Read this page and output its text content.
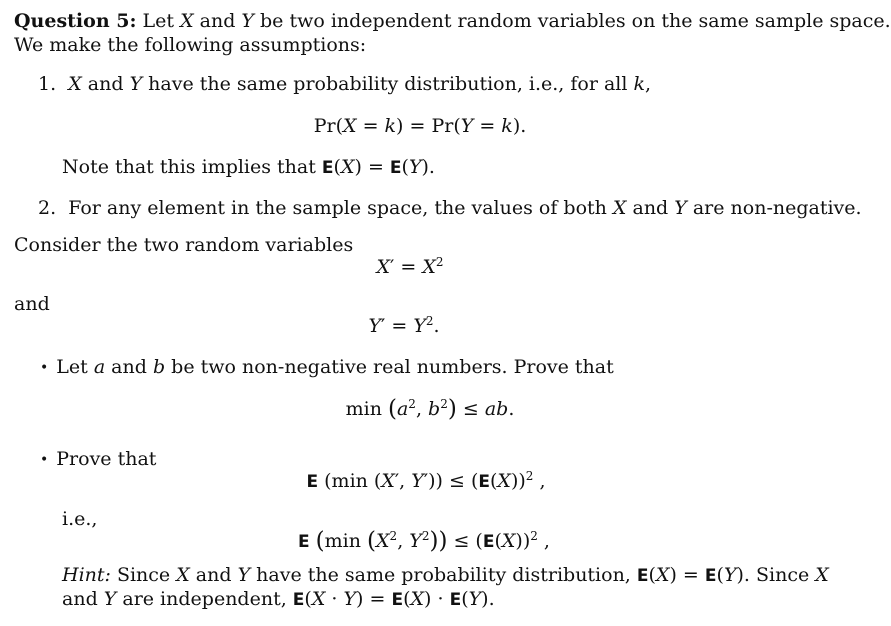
Question 5: Let X and Y be two independent random variables on the same sample space.
We make the following assumptions:
1. X and Y have the same probability distribution, i.e., for all k,
Pr(X = k) = Pr(Y = k).
Note that this implies that E(X) = E(Y).
2.  For any element in the sample space, the values of both X and Y are non-negative.
Consider the two random variables
$X' = X^2$
and
$Y' = Y^2$.
• Let a and b be two non-negative real numbers. Prove that
$\min (a^2$, $b^2$) ≤ ab.
• Prove that
E (min (X′, $Y')) \le (E(X))^2$ ,
i.e.,
E (min ($X^2$, $Y^2)) \le (E(X))^2$ ,
Hint: Since X and Y have the same probability distribution, E(X) = E(Y). Since X
and Y are independent, E(X · Y) = E(X) · E(Y).
